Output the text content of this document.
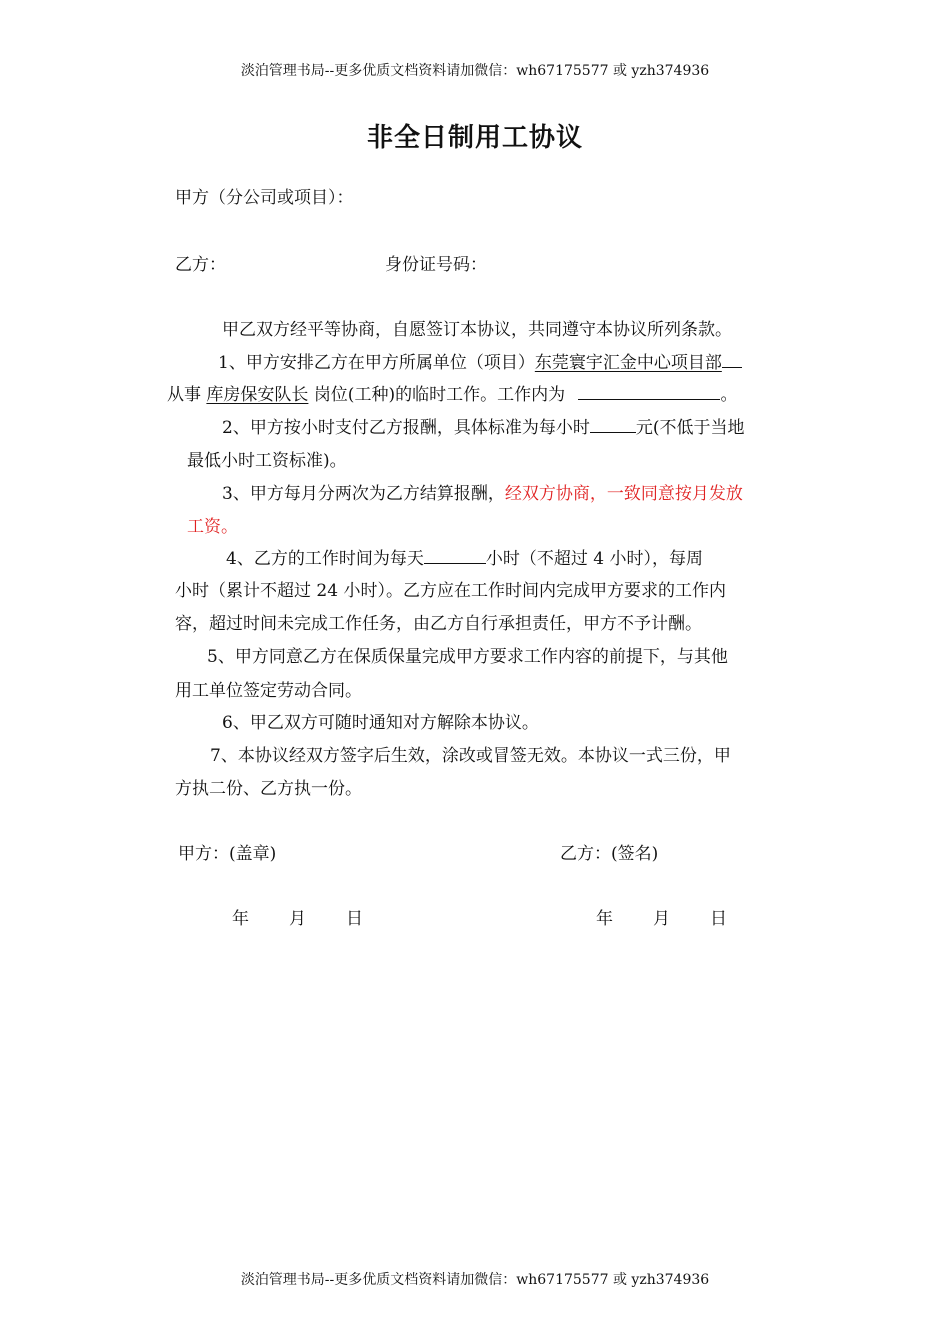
淡泊管理书局--更多优质文档资料请加微信：wh67175577 或 yzh374936
非全日制用工协议
甲方（分公司或项目）：
乙方：	身份证号码：
甲乙双方经平等协商，自愿签订本协议，共同遵守本协议所列条款。
1、甲方安排乙方在甲方所属单位（项目）东莞寰宇汇金中心项目部
从事 库房保安队长 岗位(工种)的临时工作。工作内为	。
2、甲方按小时支付乙方报酬，具体标准为每小时	元(不低于当地
最低小时工资标准)。
3、甲方每月分两次为乙方结算报酬，经双方协商，一致同意按月发放
工资。
4、乙方的工作时间为每天	小时（不超过 4 小时），每周
小时（累计不超过 24 小时）。乙方应在工作时间内完成甲方要求的工作内
容，超过时间未完成工作任务，由乙方自行承担责任，甲方不予计酬。
5、甲方同意乙方在保质保量完成甲方要求工作内容的前提下，与其他
用工单位签定劳动合同。
6、甲乙双方可随时通知对方解除本协议。
7、本协议经双方签字后生效，涂改或冒签无效。本协议一式三份，甲
方执二份、乙方执一份。
甲方：(盖章)	乙方：(签名)
年 月 日	年 月 日
淡泊管理书局--更多优质文档资料请加微信：wh67175577 或 yzh374936
